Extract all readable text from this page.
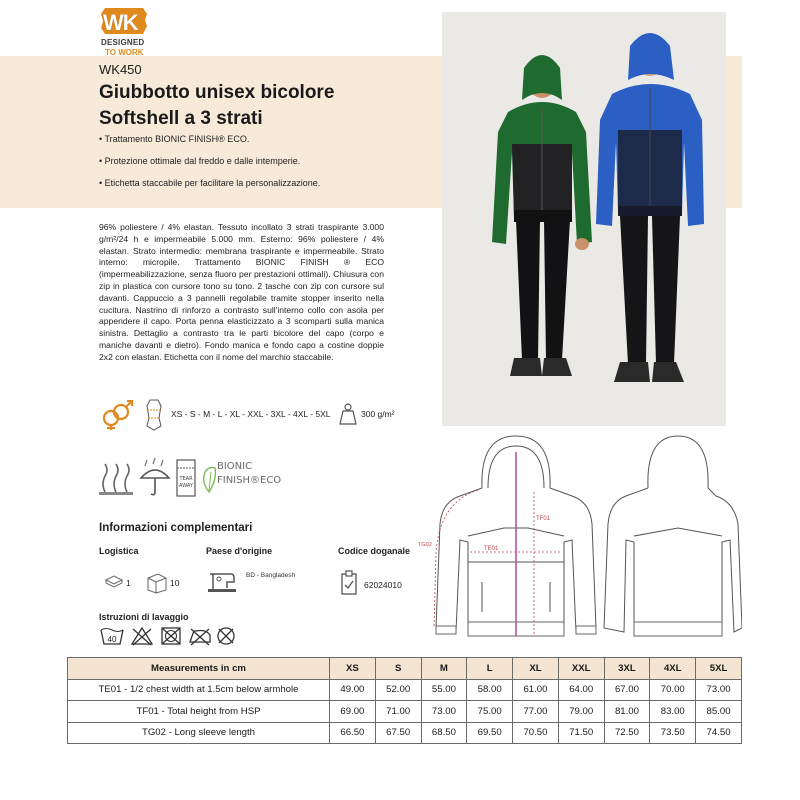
WK
DESIGNED
TO WORK
WK450
Giubbotto unisex bicolore
Softshell a 3 strati
• Trattamento BIONIC FINISH® ECO.
• Protezione ottimale dal freddo e dalle intemperie.
• Etichetta staccabile per facilitare la personalizzazione.
96% poliestere / 4% elastan. Tessuto incollato 3 strati traspirante 3.000 g/m²/24 h e impermeabile 5.000 mm. Esterno: 96% poliestere / 4% elastan. Strato intermedio: membrana traspirante e impermeabile. Strato interno: micropile. Trattamento BIONIC FINISH ® ECO (impermeabilizzazione, senza fluoro per prestazioni ottimali). Chiusura con zip in plastica con cursore tono su tono. 2 tasche con zip con cursore sul davanti. Cappuccio a 3 pannelli regolabile tramite stopper inserito nella cucitura. Nastrino di rinforzo a contrasto sull'interno collo con asola per appendere il capo. Porta penna elasticizzato a 3 scomparti sulla manica sinistra. Dettaglio a contrasto tra le parti bicolore del capo (corpo e maniche davanti e dietro). Fondo manica e fondo capo a costine doppie 2x2 con elastan. Etichetta con il nome del marchio staccabile.
XS - S - M - L - XL - XXL - 3XL - 4XL - 5XL	300 g/m²
TEAR
AWAY
BIONIC
FINISH®ECO
Informazioni complementari
Logistica	Paese d'origine	Codice doganale
1	10
BD - Bangladesh
62024010
Istruzioni di lavaggio
40
TF01
TE01
TG02
Measurements in cm	XS	S	M	L	XL	XXL	3XL	4XL	5XL
TE01 - 1/2 chest width at 1.5cm below armhole	49.00	52.00	55.00	58.00	61.00	64.00	67.00	70.00	73.00
TF01 - Total height from HSP	69.00	71.00	73.00	75.00	77.00	79.00	81.00	83.00	85.00
TG02 - Long sleeve length	66.50	67.50	68.50	69.50	70.50	71.50	72.50	73.50	74.50
